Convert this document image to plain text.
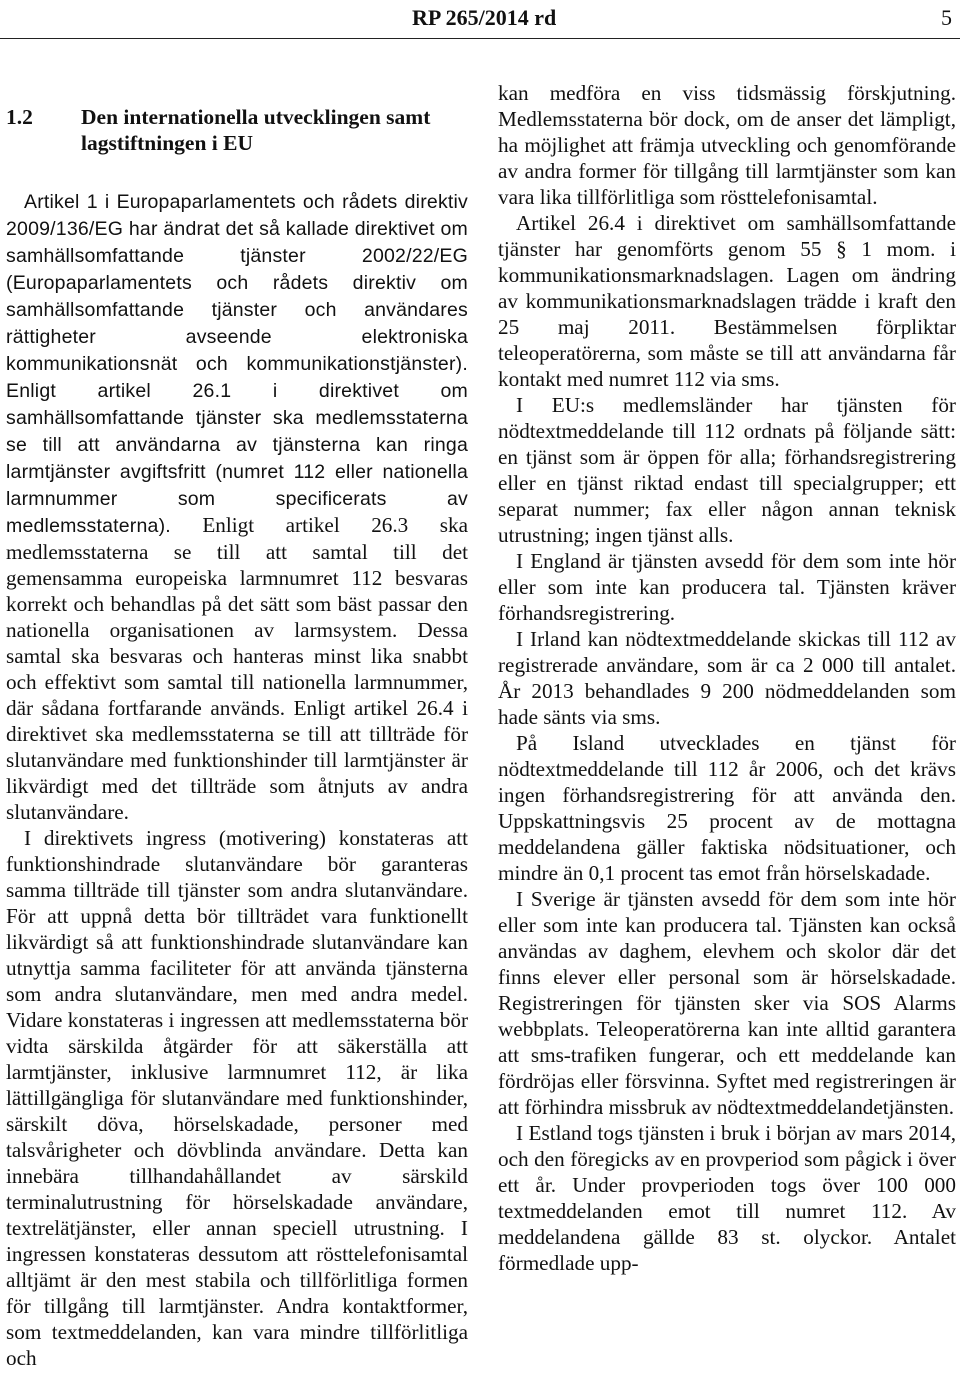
RP 265/2014 rd	5
1.2	Den internationella utvecklingen samt lagstiftningen i EU

Artikel 1 i Europaparlamentets och rådets direktiv 2009/136/EG har ändrat det så kallade direktivet om samhällsomfattande tjänster 2002/22/EG (Europaparlamentets och rådets direktiv om samhällsomfattande tjänster och användares rättigheter avseende elektroniska kommunikationsnät och kommunikationstjänster). Enligt artikel 26.1 i direktivet om samhällsomfattande tjänster ska medlemsstaterna se till att användarna av tjänsterna kan ringa larmtjänster avgiftsfritt (numret 112 eller nationella larmnummer som specificerats av medlemsstaterna). Enligt artikel 26.3 ska medlemsstaterna se till att samtal till det gemensamma europeiska larmnumret 112 besvaras korrekt och behandlas på det sätt som bäst passar den nationella organisationen av larmsystem. Dessa samtal ska besvaras och hanteras minst lika snabbt och effektivt som samtal till nationella larmnummer, där sådana fortfarande används. Enligt artikel 26.4 i direktivet ska medlemsstaterna se till att tillträde för slutanvändare med funktionshinder till larmtjänster är likvärdigt med det tillträde som åtnjuts av andra slutanvändare.

I direktivets ingress (motivering) konstateras att funktionshindrade slutanvändare bör garanteras samma tillträde till tjänster som andra slutanvändare. För att uppnå detta bör tillträdet vara funktionellt likvärdigt så att funktionshindrade slutanvändare kan utnyttja samma faciliteter för att använda tjänsterna som andra slutanvändare, men med andra medel. Vidare konstateras i ingressen att medlemsstaterna bör vidta särskilda åtgärder för att säkerställa att larmtjänster, inklusive larmnumret 112, är lika lättillgängliga för slutanvändare med funktionshinder, särskilt döva, hörselskadade, personer med talsvårigheter och dövblinda användare. Detta kan innebära tillhandahållandet av särskild terminalutrustning för hörselskadade användare, textrelätjänster, eller annan speciell utrustning. I ingressen konstateras dessutom att rösttelefonisamtal alltjämt är den mest stabila och tillförlitliga formen för tillgång till larmtjänster. Andra kontaktformer, som textmeddelanden, kan vara mindre tillförlitliga och

kan medföra en viss tidsmässig förskjutning. Medlemsstaterna bör dock, om de anser det lämpligt, ha möjlighet att främja utveckling och genomförande av andra former för tillgång till larmtjänster som kan vara lika tillförlitliga som rösttelefonisamtal.

Artikel 26.4 i direktivet om samhällsomfattande tjänster har genomförts genom 55 § 1 mom. i kommunikationsmarknadslagen. Lagen om ändring av kommunikationsmarknadslagen trädde i kraft den 25 maj 2011. Bestämmelsen förpliktar teleoperatörerna, som måste se till att användarna får kontakt med numret 112 via sms.

I EU:s medlemsländer har tjänsten för nödtextmeddelande till 112 ordnats på följande sätt: en tjänst som är öppen för alla; förhandsregistrering eller en tjänst riktad endast till specialgrupper; ett separat nummer; fax eller någon annan teknisk utrustning; ingen tjänst alls.

I England är tjänsten avsedd för dem som inte hör eller som inte kan producera tal. Tjänsten kräver förhandsregistrering.

I Irland kan nödtextmeddelande skickas till 112 av registrerade användare, som är ca 2 000 till antalet. År 2013 behandlades 9 200 nödmeddelanden som hade sänts via sms.

På Island utvecklades en tjänst för nödtextmeddelande till 112 år 2006, och det krävs ingen förhandsregistrering för att använda den. Uppskattningsvis 25 procent av de mottagna meddelandena gäller faktiska nödsituationer, och mindre än 0,1 procent tas emot från hörselskadade.

I Sverige är tjänsten avsedd för dem som inte hör eller som inte kan producera tal. Tjänsten kan också användas av daghem, elevhem och skolor där det finns elever eller personal som är hörselskadade. Registreringen för tjänsten sker via SOS Alarms webbplats. Teleoperatörerna kan inte alltid garantera att sms-trafiken fungerar, och ett meddelande kan fördröjas eller försvinna. Syftet med registreringen är att förhindra missbruk av nödtextmeddelandetjänsten.

I Estland togs tjänsten i bruk i början av mars 2014, och den föregicks av en provperiod som pågick i över ett år. Under provperioden togs över 100 000 textmeddelanden emot till numret 112. Av meddelandena gällde 83 st. olyckor. Antalet förmedlade upp-
